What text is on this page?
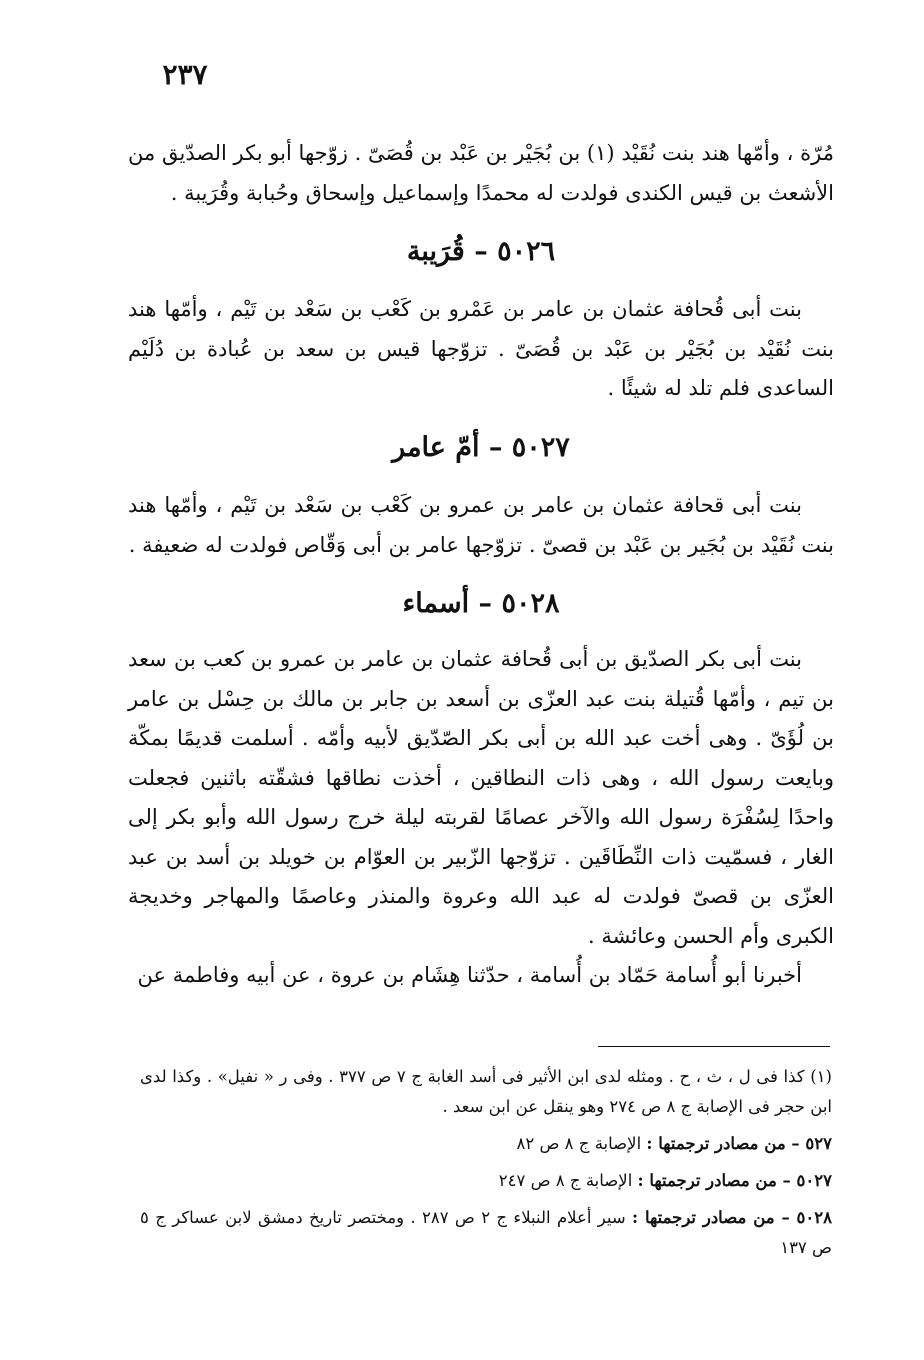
٢٣٧

مُرّة ، وأمّها هند بنت نُقَيْد (١) بن بُجَيْر بن عَبْد بن قُصَىّ . زوّجها أبو بكر الصدّيق من الأشعث بن قيس الكندى فولدت له محمدًا وإسماعيل وإسحاق وحُبابة وقُرَيبة .

٥٠٢٦ – قُرَيبة

بنت أبى قُحافة عثمان بن عامر بن عَمْرو بن كَعْب بن سَعْد بن تَيْم ، وأمّها هند بنت نُقَيْد بن بُجَيْر بن عَبْد بن قُصَىّ . تزوّجها قيس بن سعد بن عُبادة بن دُلَيْم الساعدى فلم تلد له شيئًا .

٥٠٢٧ – أمّ عامر

بنت أبى قحافة عثمان بن عامر بن عمرو بن كَعْب بن سَعْد بن تَيْم ، وأمّها هند بنت نُقَيْد بن بُجَير بن عَبْد بن قصىّ . تزوّجها عامر بن أبى وَقّاص فولدت له ضعيفة .

٥٠٢٨ – أسماء

بنت أبى بكر الصدّيق بن أبى قُحافة عثمان بن عامر بن عمرو بن كعب بن سعد بن تيم ، وأمّها قُتيلة بنت عبد العزّى بن أسعد بن جابر بن مالك بن حِسْل بن عامر بن لُؤَىّ . وهى أخت عبد الله بن أبى بكر الصّدّيق لأبيه وأمّه . أسلمت قديمًا بمكّة وبايعت رسول الله ، وهى ذات النطاقين ، أخذت نطاقها فشقّته باثنين فجعلت واحدًا لِسُفْرَة رسول الله والآخر عصامًا لقربته ليلة خرج رسول الله وأبو بكر إلى الغار ، فسمّيت ذات النِّطَاقَين . تزوّجها الزّبير بن العوّام بن خويلد بن أسد بن عبد العزّى بن قصىّ فولدت له عبد الله وعروة والمنذر وعاصمًا والمهاجر وخديجة الكبرى وأم الحسن وعائشة .

أخبرنا أبو أُسامة حَمّاد بن أُسامة ، حدّثنا هِشَام بن عروة ، عن أبيه وفاطمة عن

(١) كذا فى ل ، ث ، ح . ومثله لدى ابن الأثير فى أسد الغابة ج ٧ ص ٣٧٧ . وفى ر « نفيل» . وكذا لدى ابن حجر فى الإصابة ج ٨ ص ٢٧٤ وهو ينقل عن ابن سعد .

٥٢٧ – من مصادر ترجمتها : الإصابة ج ٨ ص ٨٢

٥٠٢٧ – من مصادر ترجمتها : الإصابة ج ٨ ص ٢٤٧

٥٠٢٨ – من مصادر ترجمتها : سير أعلام النبلاء ج ٢ ص ٢٨٧ . ومختصر تاريخ دمشق لابن عساكر ج ٥ ص ١٣٧
